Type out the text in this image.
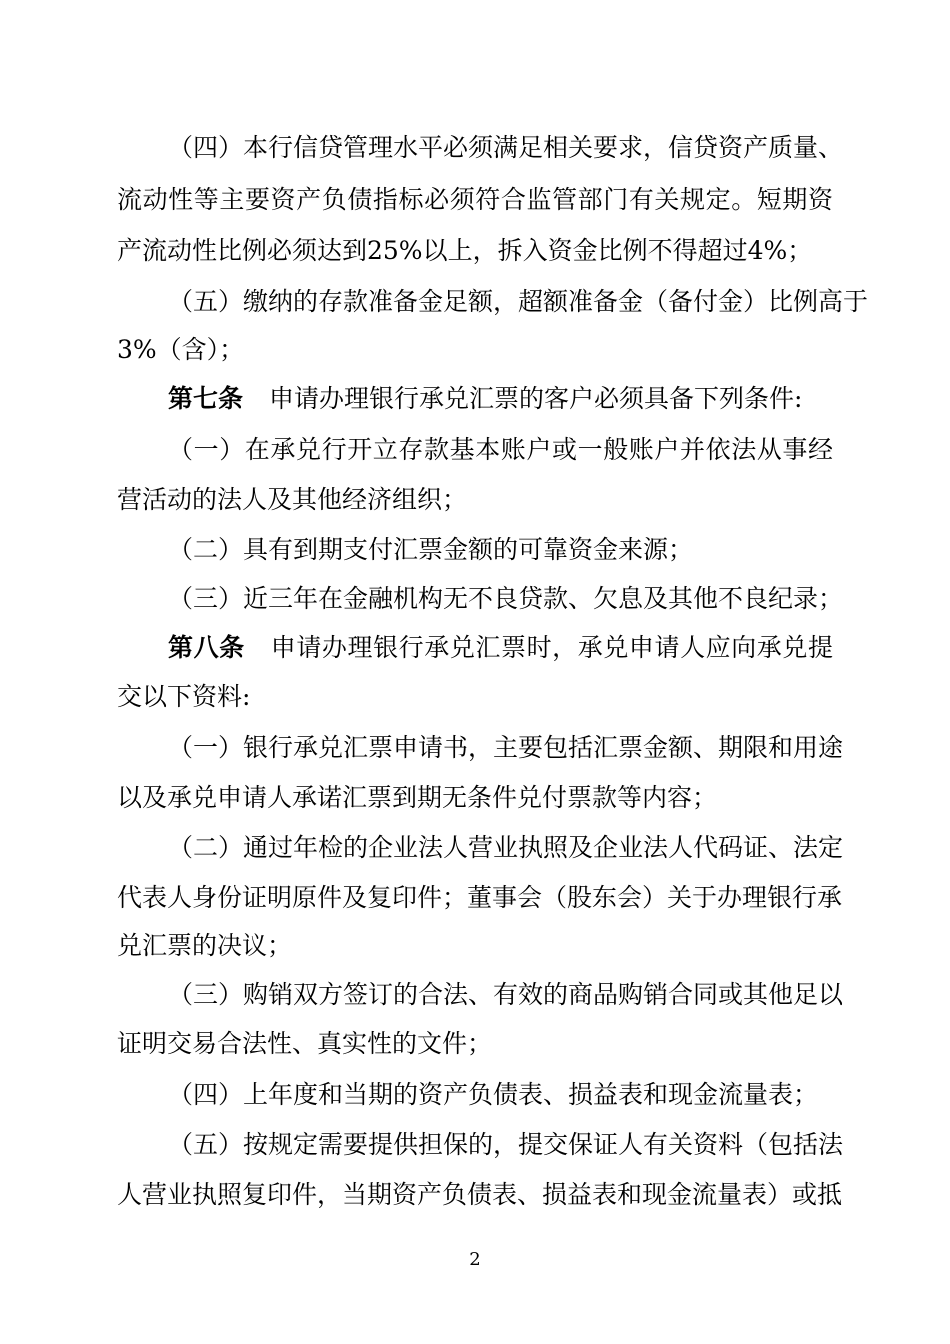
（四）本行信贷管理水平必须满足相关要求，信贷资产质量、
流动性等主要资产负债指标必须符合监管部门有关规定。短期资
产流动性比例必须达到25%以上，拆入资金比例不得超过4%；
（五）缴纳的存款准备金足额，超额准备金（备付金）比例高于
3%（含）；
第七条 申请办理银行承兑汇票的客户必须具备下列条件:
（一）在承兑行开立存款基本账户或一般账户并依法从事经
营活动的法人及其他经济组织；
（二）具有到期支付汇票金额的可靠资金来源；
（三）近三年在金融机构无不良贷款、欠息及其他不良纪录；
第八条 申请办理银行承兑汇票时，承兑申请人应向承兑提
交以下资料:
（一）银行承兑汇票申请书，主要包括汇票金额、期限和用途
以及承兑申请人承诺汇票到期无条件兑付票款等内容；
（二）通过年检的企业法人营业执照及企业法人代码证、法定
代表人身份证明原件及复印件；董事会（股东会）关于办理银行承
兑汇票的决议；
（三）购销双方签订的合法、有效的商品购销合同或其他足以
证明交易合法性、真实性的文件；
（四）上年度和当期的资产负债表、损益表和现金流量表；
（五）按规定需要提供担保的，提交保证人有关资料（包括法
人营业执照复印件，当期资产负债表、损益表和现金流量表）或抵
2
